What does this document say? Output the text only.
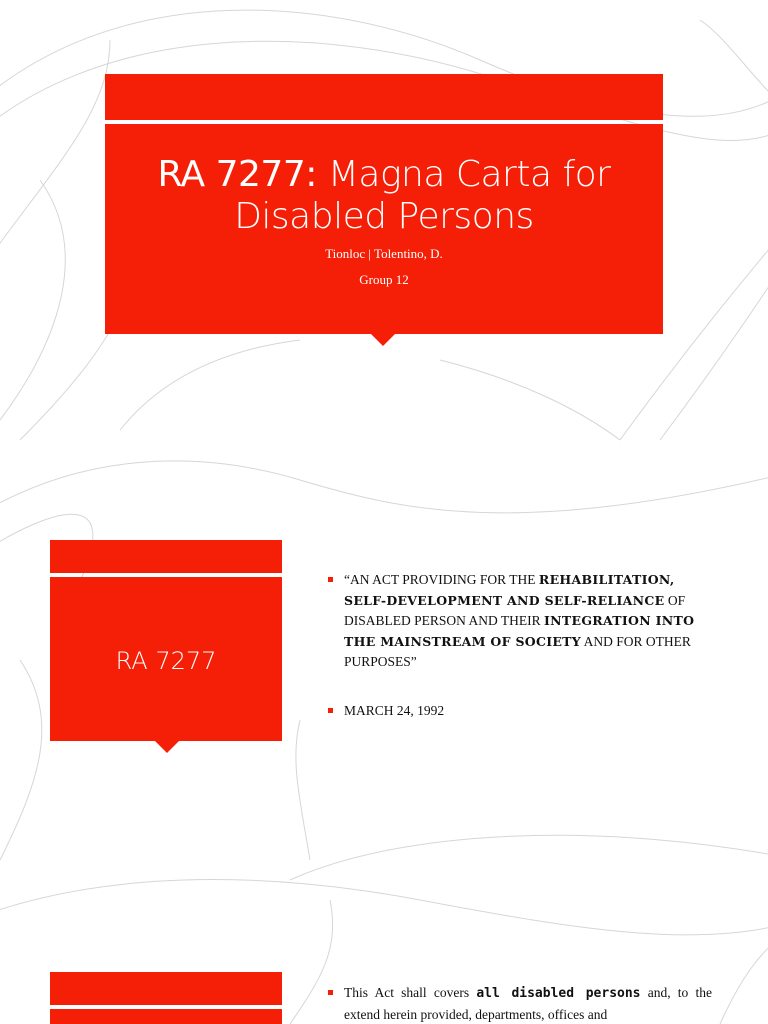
RA 7277: Magna Carta for
Disabled Persons
Tionloc | Tolentino, D.
Group 12
RA 7277
“AN ACT PROVIDING FOR THE REHABILITATION, SELF-DEVELOPMENT AND SELF-RELIANCE OF DISABLED PERSON AND THEIR INTEGRATION INTO THE MAINSTREAM OF SOCIETY AND FOR OTHER PURPOSES”
MARCH 24, 1992
This Act shall covers all disabled persons and, to the extend herein provided, departments, offices and
